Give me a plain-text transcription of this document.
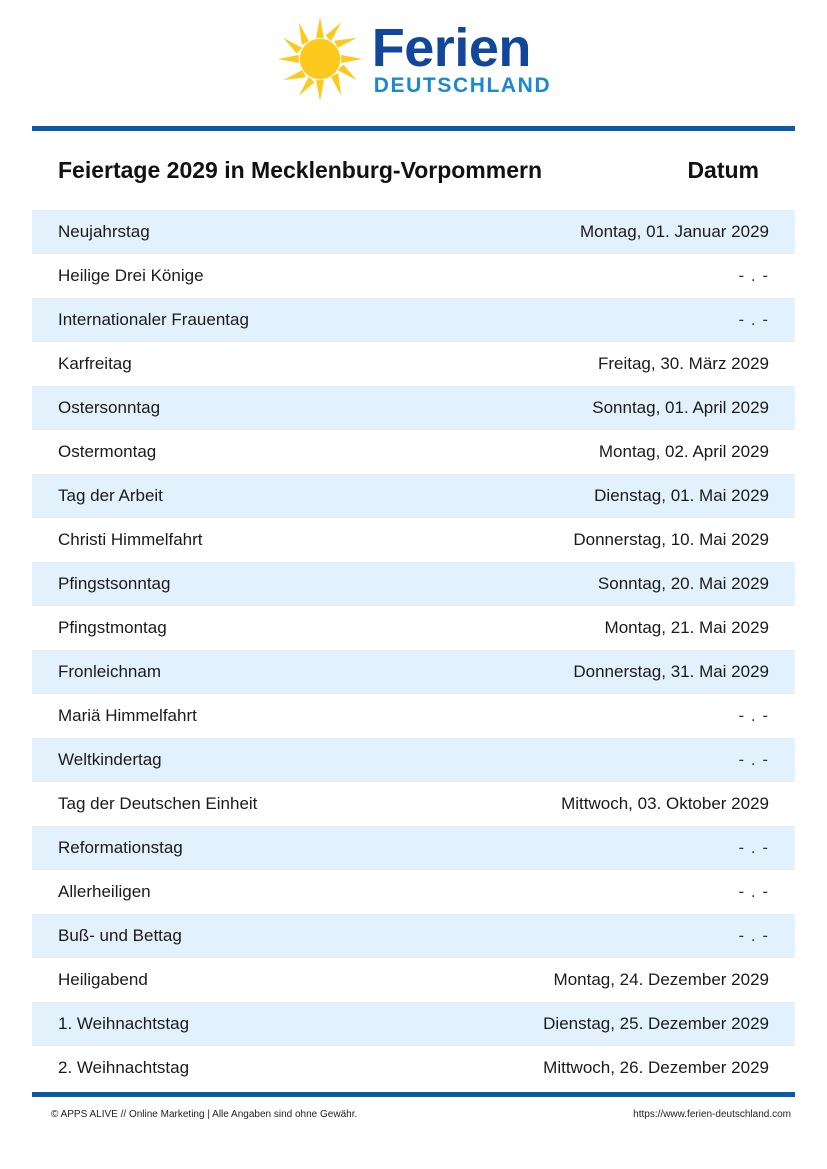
Ferien
DEUTSCHLAND
Feiertage 2029 in Mecklenburg-Vorpommern	Datum
Neujahrstag	Montag, 01. Januar 2029
Heilige Drei Könige	- . -
Internationaler Frauentag	- . -
Karfreitag	Freitag, 30. März 2029
Ostersonntag	Sonntag, 01. April 2029
Ostermontag	Montag, 02. April 2029
Tag der Arbeit	Dienstag, 01. Mai 2029
Christi Himmelfahrt	Donnerstag, 10. Mai 2029
Pfingstsonntag	Sonntag, 20. Mai 2029
Pfingstmontag	Montag, 21. Mai 2029
Fronleichnam	Donnerstag, 31. Mai 2029
Mariä Himmelfahrt	- . -
Weltkindertag	- . -
Tag der Deutschen Einheit	Mittwoch, 03. Oktober 2029
Reformationstag	- . -
Allerheiligen	- . -
Buß- und Bettag	- . -
Heiligabend	Montag, 24. Dezember 2029
1. Weihnachtstag	Dienstag, 25. Dezember 2029
2. Weihnachtstag	Mittwoch, 26. Dezember 2029
© APPS ALIVE // Online Marketing | Alle Angaben sind ohne Gewähr.	https://www.ferien-deutschland.com
